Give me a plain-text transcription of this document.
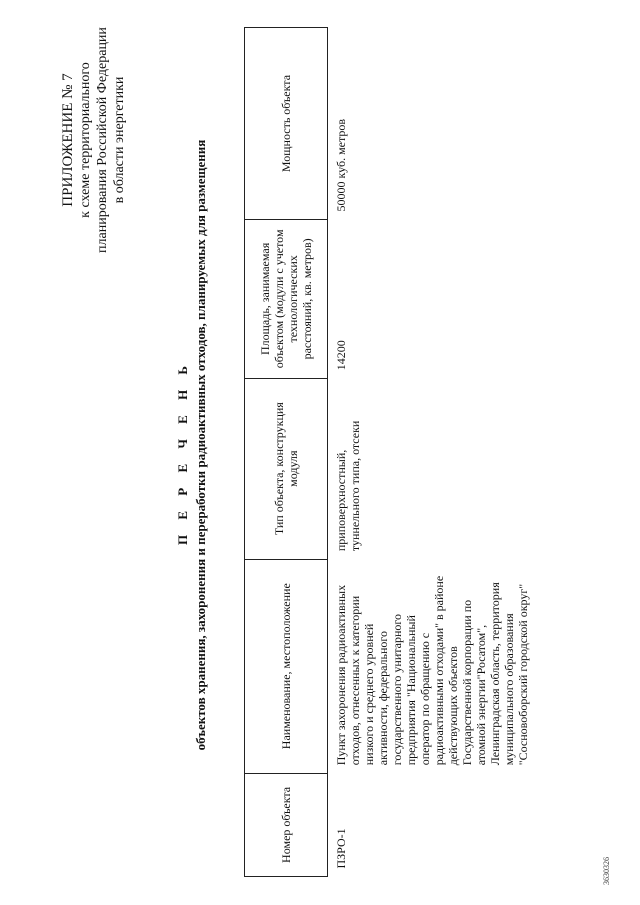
ПРИЛОЖЕНИЕ № 7 к схеме территориального планирования Российской Федерации в области энергетики
П Е Р Е Ч Е Н Ь объектов хранения, захоронения и переработки радиоактивных отходов, планируемых для размещения
Номер объекта	Наименование, местоположение	Тип объекта, конструкция модуля	Площадь, занимаемая объектом (модули с учетом технологических расстояний, кв. метров)	Мощность объекта
ПЗРО-1	Пункт захоронения радиоактивных отходов, отнесенных к категории низкого и среднего уровней активности, федерального государственного унитарного предприятия "Национальный оператор по обращению с радиоактивными отходами" в районе действующих объектов Государственной корпорации по атомной энергии"Росатом", Ленинградская область, территория муниципального образования "Сосновоборский городской округ"	приповерхностный, туннельного типа, отсеки	14200	50000 куб. метров
3630326
